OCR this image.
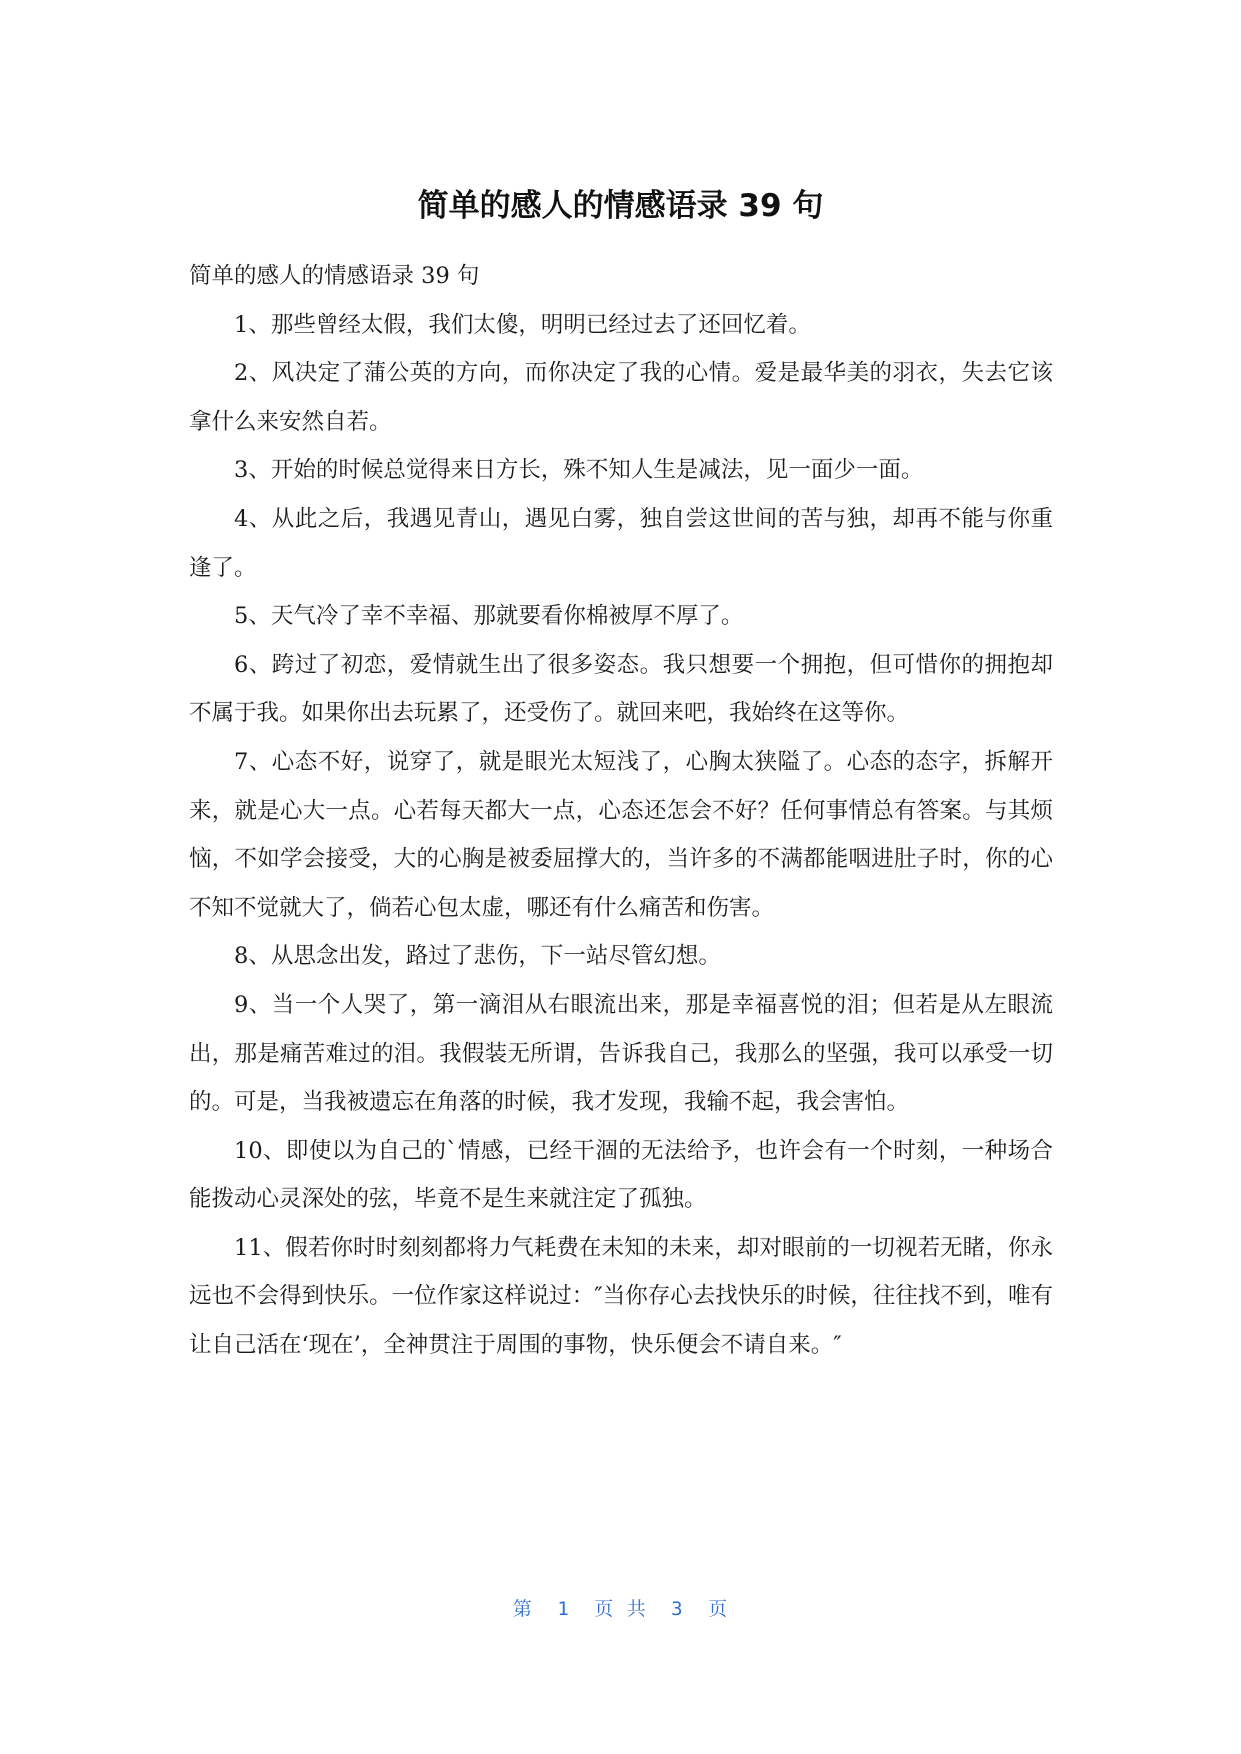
简单的感人的情感语录 39 句

简单的感人的情感语录 39 句

1、那些曾经太假，我们太傻，明明已经过去了还回忆着。

2、风决定了蒲公英的方向，而你决定了我的心情。爱是最华美的羽衣，失去它该拿什么来安然自若。

3、开始的时候总觉得来日方长，殊不知人生是减法，见一面少一面。

4、从此之后，我遇见青山，遇见白雾，独自尝这世间的苦与独，却再不能与你重逢了。

5、天气冷了幸不幸福、那就要看你棉被厚不厚了。

6、跨过了初恋，爱情就生出了很多姿态。我只想要一个拥抱，但可惜你的拥抱却不属于我。如果你出去玩累了，还受伤了。就回来吧，我始终在这等你。

7、心态不好，说穿了，就是眼光太短浅了，心胸太狭隘了。心态的态字，拆解开来，就是心大一点。心若每天都大一点，心态还怎会不好？任何事情总有答案。与其烦恼，不如学会接受，大的心胸是被委屈撑大的，当许多的不满都能咽进肚子时，你的心不知不觉就大了，倘若心包太虚，哪还有什么痛苦和伤害。

8、从思念出发，路过了悲伤，下一站尽管幻想。

9、当一个人哭了，第一滴泪从右眼流出来，那是幸福喜悦的泪；但若是从左眼流出，那是痛苦难过的泪。我假装无所谓，告诉我自己，我那么的坚强，我可以承受一切的。可是，当我被遗忘在角落的时候，我才发现，我输不起，我会害怕。

10、即使以为自己的`情感，已经干涸的无法给予，也许会有一个时刻，一种场合能拨动心灵深处的弦，毕竟不是生来就注定了孤独。

11、假若你时时刻刻都将力气耗费在未知的未来，却对眼前的一切视若无睹，你永远也不会得到快乐。一位作家这样说过：″当你存心去找快乐的时候，往往找不到，唯有让自己活在‘现在’，全神贯注于周围的事物，快乐便会不请自来。″

第 1 页 共 3 页
